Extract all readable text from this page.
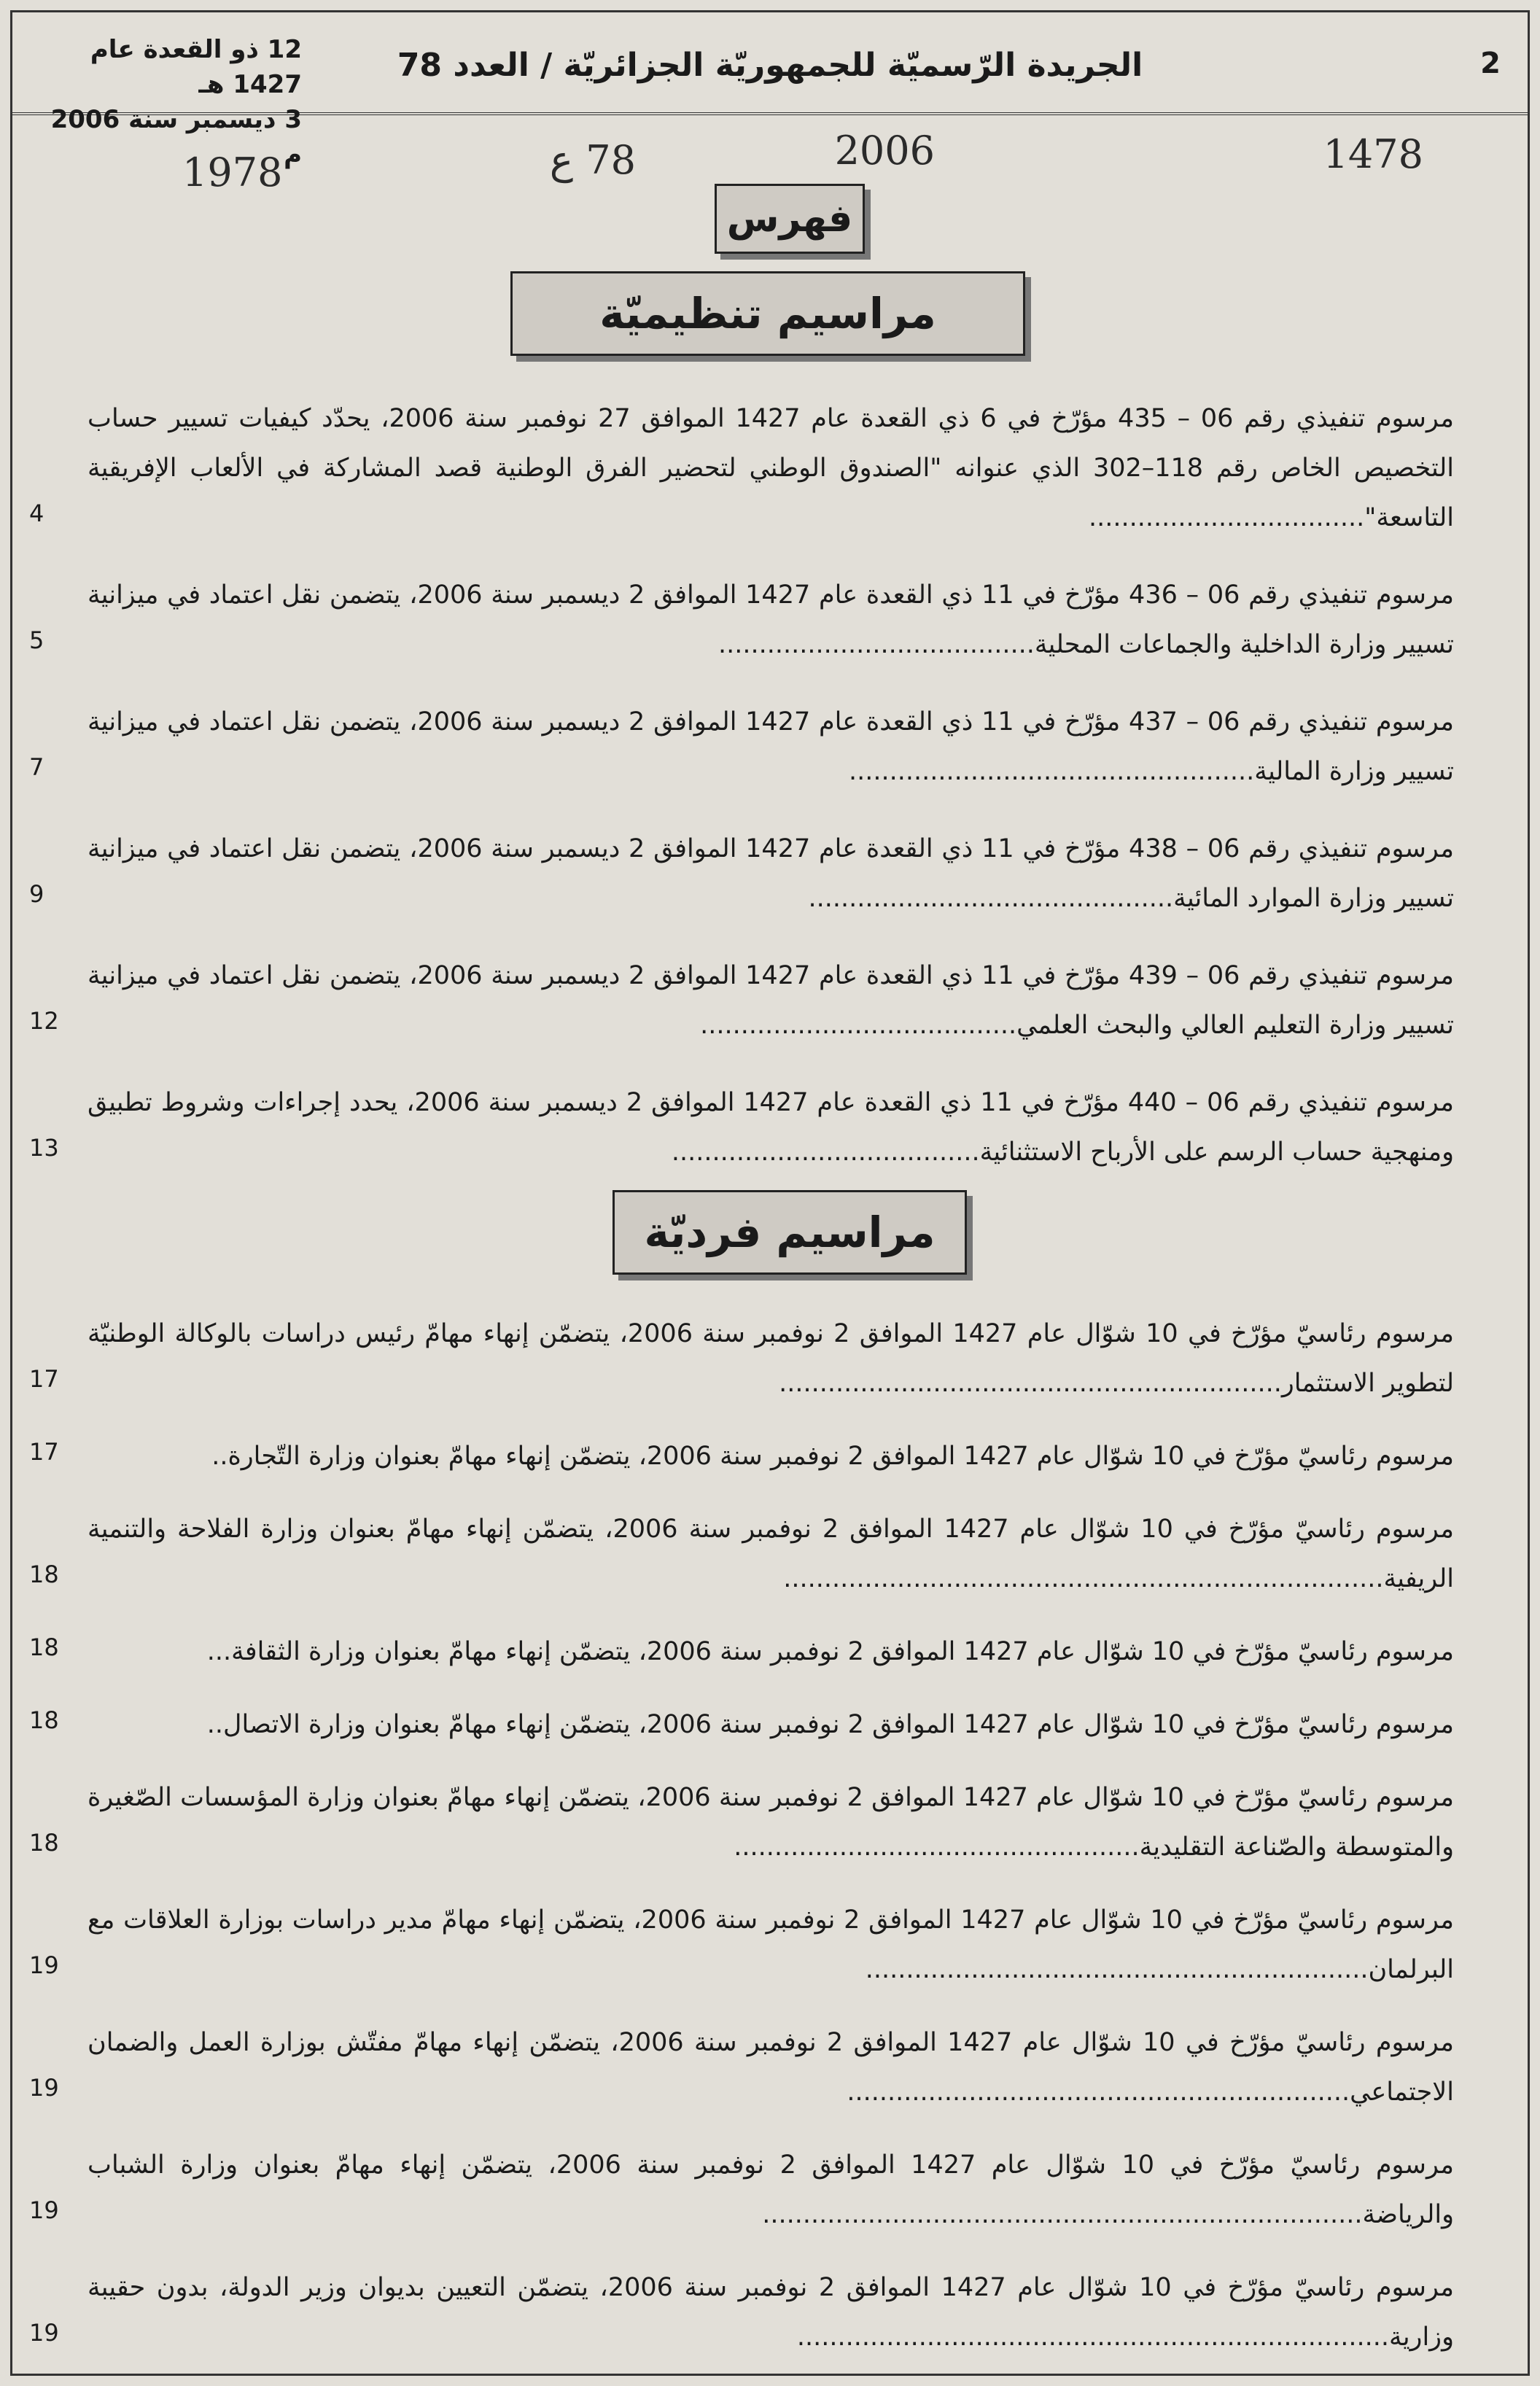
2
الجريدة الرّسميّة للجمهوريّة الجزائريّة / العدد 78
12 ذو القعدة عام 1427 هـ
3 ديسمبر سنة 2006 م	1478
2006
78 ع
1978
فهرس
مراسيم تنظيميّة
مرسوم تنفيذي رقم 06 – 435 مؤرّخ في 6 ذي القعدة عام 1427 الموافق 27 نوفمبر سنة 2006، يحدّد كيفيات تسيير حساب التخصيص الخاص رقم 118–302 الذي عنوانه "الصندوق الوطني لتحضير الفرق الوطنية قصد المشاركة في الألعاب الإفريقية التاسعة"..................................
4
مرسوم تنفيذي رقم 06 – 436 مؤرّخ في 11 ذي القعدة عام 1427 الموافق 2 ديسمبر سنة 2006، يتضمن نقل اعتماد في ميزانية تسيير وزارة الداخلية والجماعات المحلية.......................................
5
مرسوم تنفيذي رقم 06 – 437 مؤرّخ في 11 ذي القعدة عام 1427 الموافق 2 ديسمبر سنة 2006، يتضمن نقل اعتماد في ميزانية تسيير وزارة المالية..................................................
7
مرسوم تنفيذي رقم 06 – 438 مؤرّخ في 11 ذي القعدة عام 1427 الموافق 2 ديسمبر سنة 2006، يتضمن نقل اعتماد في ميزانية تسيير وزارة الموارد المائية.............................................
9
مرسوم تنفيذي رقم 06 – 439 مؤرّخ في 11 ذي القعدة عام 1427 الموافق 2 ديسمبر سنة 2006، يتضمن نقل اعتماد في ميزانية تسيير وزارة التعليم العالي والبحث العلمي.......................................
12
مرسوم تنفيذي رقم 06 – 440 مؤرّخ في 11 ذي القعدة عام 1427 الموافق 2 ديسمبر سنة 2006، يحدد إجراءات وشروط تطبيق ومنهجية حساب الرسم على الأرباح الاستثنائية......................................
13
مراسيم فرديّة
مرسوم رئاسيّ مؤرّخ في 10 شوّال عام 1427 الموافق 2 نوفمبر سنة 2006، يتضمّن إنهاء مهامّ رئيس دراسات بالوكالة الوطنيّة لتطوير الاستثمار..............................................................
17
مرسوم رئاسيّ مؤرّخ في 10 شوّال عام 1427 الموافق 2 نوفمبر سنة 2006، يتضمّن إنهاء مهامّ بعنوان وزارة التّجارة..
17
مرسوم رئاسيّ مؤرّخ في 10 شوّال عام 1427 الموافق 2 نوفمبر سنة 2006، يتضمّن إنهاء مهامّ بعنوان وزارة الفلاحة والتنمية الريفية..........................................................................
18
مرسوم رئاسيّ مؤرّخ في 10 شوّال عام 1427 الموافق 2 نوفمبر سنة 2006، يتضمّن إنهاء مهامّ بعنوان وزارة الثقافة...
18
مرسوم رئاسيّ مؤرّخ في 10 شوّال عام 1427 الموافق 2 نوفمبر سنة 2006، يتضمّن إنهاء مهامّ بعنوان وزارة الاتصال..
18
مرسوم رئاسيّ مؤرّخ في 10 شوّال عام 1427 الموافق 2 نوفمبر سنة 2006، يتضمّن إنهاء مهامّ بعنوان وزارة المؤسسات الصّغيرة والمتوسطة والصّناعة التقليدية..................................................
18
مرسوم رئاسيّ مؤرّخ في 10 شوّال عام 1427 الموافق 2 نوفمبر سنة 2006، يتضمّن إنهاء مهامّ مدير دراسات بوزارة العلاقات مع البرلمان..............................................................
19
مرسوم رئاسيّ مؤرّخ في 10 شوّال عام 1427 الموافق 2 نوفمبر سنة 2006، يتضمّن إنهاء مهامّ مفتّش بوزارة العمل والضمان الاجتماعي..............................................................
19
مرسوم رئاسيّ مؤرّخ في 10 شوّال عام 1427 الموافق 2 نوفمبر سنة 2006، يتضمّن إنهاء مهامّ بعنوان وزارة الشباب والرياضة..........................................................................
19
مرسوم رئاسيّ مؤرّخ في 10 شوّال عام 1427 الموافق 2 نوفمبر سنة 2006، يتضمّن التعيين بديوان وزير الدولة، بدون حقيبة وزارية.........................................................................
19
